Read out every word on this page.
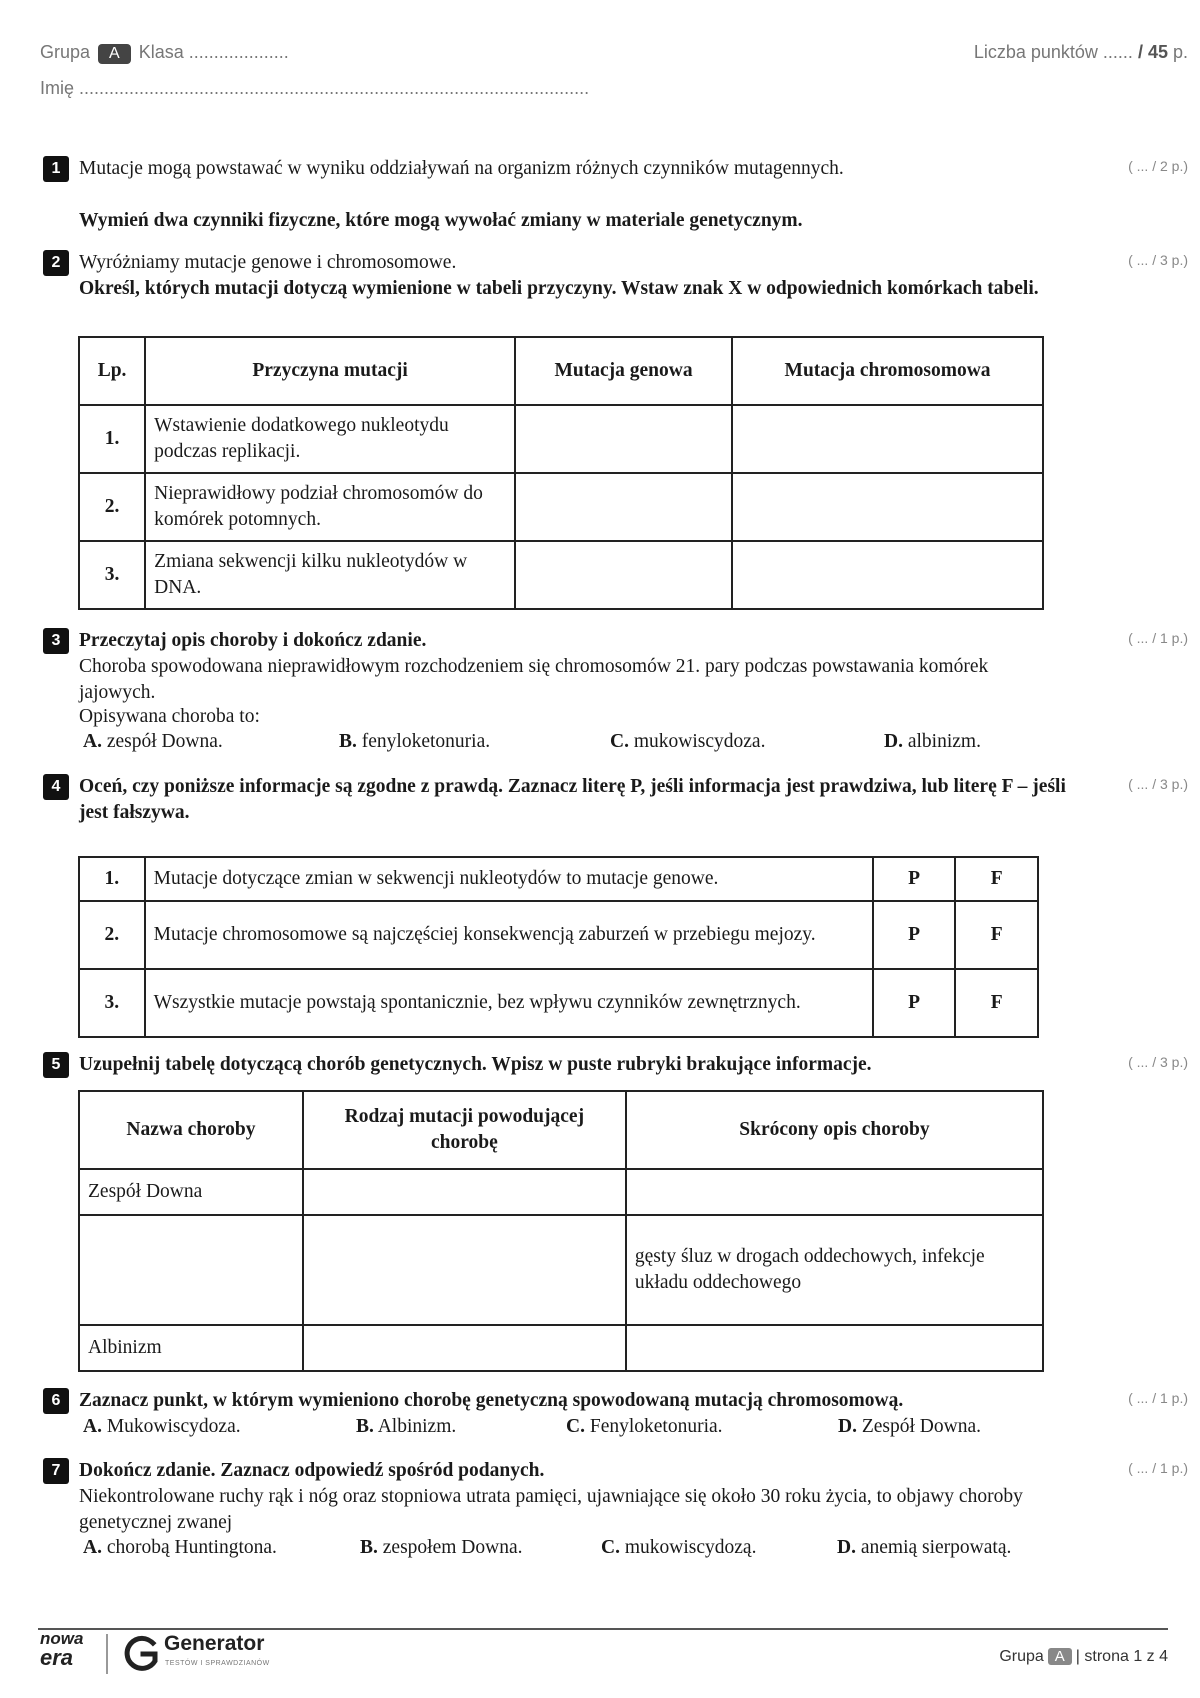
Grupa A Klasa ....................
Imię ......................................................................................................
Liczba punktów ...... / 45 p.
1	( ... / 2 p.)
Mutacje mogą powstawać w wyniku oddziaływań na organizm różnych czynników mutagennych.
Wymień dwa czynniki fizyczne, które mogą wywołać zmiany w materiale genetycznym.
2	( ... / 3 p.)
Wyróżniamy mutacje genowe i chromosomowe.
Określ, których mutacji dotyczą wymienione w tabeli przyczyny. Wstaw znak X w odpowiednich komórkach tabeli.
Lp.	Przyczyna mutacji	Mutacja genowa	Mutacja chromosomowa
1.	Wstawienie dodatkowego nukleotydu podczas replikacji.		
2.	Nieprawidłowy podział chromosomów do komórek potomnych.		
3.	Zmiana sekwencji kilku nukleotydów w DNA.		
3	( ... / 1 p.)
Przeczytaj opis choroby i dokończ zdanie.
Choroba spowodowana nieprawidłowym rozchodzeniem się chromosomów 21. pary podczas powstawania komórek jajowych.
Opisywana choroba to:
A. zespół Downa.	B. fenyloketonuria.	C. mukowiscydoza.	D. albinizm.
4	( ... / 3 p.)
Oceń, czy poniższe informacje są zgodne z prawdą. Zaznacz literę P, jeśli informacja jest prawdziwa, lub literę F – jeśli jest fałszywa.
1.	Mutacje dotyczące zmian w sekwencji nukleotydów to mutacje genowe.	P	F
2.	Mutacje chromosomowe są najczęściej konsekwencją zaburzeń w przebiegu mejozy.	P	F
3.	Wszystkie mutacje powstają spontanicznie, bez wpływu czynników zewnętrznych.	P	F
5	( ... / 3 p.)
Uzupełnij tabelę dotyczącą chorób genetycznych. Wpisz w puste rubryki brakujące informacje.
Nazwa choroby	Rodzaj mutacji powodującej chorobę	Skrócony opis choroby
Zespół Downa		
		gęsty śluz w drogach oddechowych, infekcje układu oddechowego
Albinizm		
6	( ... / 1 p.)
Zaznacz punkt, w którym wymieniono chorobę genetyczną spowodowaną mutacją chromosomową.
A. Mukowiscydoza.	B. Albinizm.	C. Fenyloketonuria.	D. Zespół Downa.
7	( ... / 1 p.)
Dokończ zdanie. Zaznacz odpowiedź spośród podanych.
Niekontrolowane ruchy rąk i nóg oraz stopniowa utrata pamięci, ujawniające się około 30 roku życia, to objawy choroby genetycznej zwanej
A. chorobą Huntingtona.	B. zespołem Downa.	C. mukowiscydozą.	D. anemią sierpowatą.
nowa
era
Generator
TESTÓW I SPRAWDZIANÓW	Grupa A | strona 1 z 4
